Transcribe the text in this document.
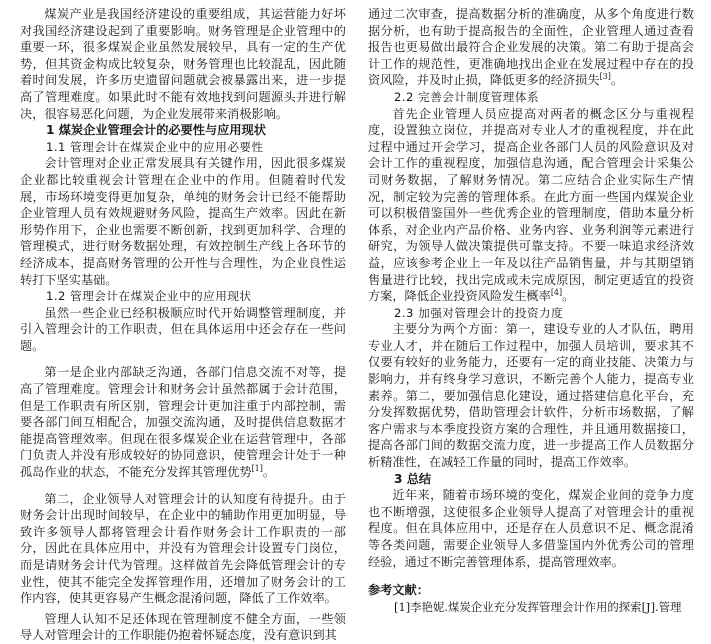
煤炭产业是我国经济建设的重要组成，其运营能力好坏对我国经济建设起到了重要影响。财务管理是企业管理中的重要一环，很多煤炭企业虽然发展较早，具有一定的生产优势，但其资金构成比较复杂，财务管理也比较混乱，因此随着时间发展，许多历史遗留问题就会被暴露出来，进一步提高了管理难度。如果此时不能有效地找到问题源头并进行解决，很容易恶化问题，为企业发展带来消极影响。

1 煤炭企业管理会计的必要性与应用现状
1.1 管理会计在煤炭企业中的应用必要性

会计管理对企业正常发展具有关键作用，因此很多煤炭企业都比较重视会计管理在企业中的作用。但随着时代发展，市场环境变得更加复杂，单纯的财务会计已经不能帮助企业管理人员有效规避财务风险，提高生产效率。因此在新形势作用下，企业也需要不断创新，找到更加科学、合理的管理模式，进行财务数据处理，有效控制生产线上各环节的经济成本，提高财务管理的公开性与合理性，为企业良性运转打下坚实基础。

1.2 管理会计在煤炭企业中的应用现状

虽然一些企业已经积极顺应时代开始调整管理制度，并引入管理会计的工作职责，但在具体运用中还会存在一些问题。

第一是企业内部缺乏沟通，各部门信息交流不对等，提高了管理难度。管理会计和财务会计虽然都属于会计范围，但是工作职责有所区别，管理会计更加注重于内部控制，需要各部门间互相配合，加强交流沟通，及时提供信息数据才能提高管理效率。但现在很多煤炭企业在运营管理中，各部门负责人并没有形成较好的协同意识，使管理会计处于一种孤岛作业的状态，不能充分发挥其管理优势[1]。

第二，企业领导人对管理会计的认知度有待提升。由于财务会计出现时间较早，在企业中的辅助作用更加明显，导致许多领导人都将管理会计看作财务会计工作职责的一部分，因此在具体应用中，并没有为管理会计设置专门岗位，而是请财务会计代为管理。这样做首先会降低管理会计的专业性，使其不能完全发挥管理作用，还增加了财务会计的工作内容，使其更容易产生概念混淆问题，降低了工作效率。

管理人认知不足还体现在管理制度不健全方面，一些领导人对管理会计的工作职能仍抱着怀疑态度，没有意识到其

通过二次审查，提高数据分析的准确度，从多个角度进行数据分析，也有助于提高报告的全面性，企业管理人通过查看报告也更易做出最符合企业发展的决策。第二有助于提高会计工作的规范性，更准确地找出企业在发展过程中存在的投资风险，并及时止损，降低更多的经济损失[3]。

2.2 完善会计制度管理体系

首先企业管理人员应提高对两者的概念区分与重视程度，设置独立岗位，并提高对专业人才的重视程度，并在此过程中通过开会学习，提高企业各部门人员的风险意识及对会计工作的重视程度，加强信息沟通，配合管理会计采集公司财务数据，了解财务情况。第二应结合企业实际生产情况，制定较为完善的管理体系。在此方面一些国内煤炭企业可以积极借鉴国外一些优秀企业的管理制度，借助本量分析体系，对企业内产品价格、业务内容、业务利润等元素进行研究，为领导人做决策提供可靠支持。不要一味追求经济效益，应该参考企业上一年及以往产品销售量，并与其期望销售量进行比较，找出完成或未完成原因，制定更适宜的投资方案，降低企业投资风险发生概率[4]。

2.3 加强对管理会计的投资力度

主要分为两个方面：第一，建设专业的人才队伍，聘用专业人才，并在随后工作过程中，加强人员培训，要求其不仅要有较好的业务能力，还要有一定的商业技能、决策力与影响力，并有终身学习意识，不断完善个人能力，提高专业素养。第二，要加强信息化建设，通过搭建信息化平台，充分发挥数据优势，借助管理会计软件，分析市场数据，了解客户需求与本季度投资方案的合理性，并且通用数据接口，提高各部门间的数据交流力度，进一步提高工作人员数据分析精准性，在减轻工作量的同时，提高工作效率。

3 总结

近年来，随着市场环境的变化，煤炭企业间的竞争力度也不断增强，这使很多企业领导人提高了对管理会计的重视程度。但在具体应用中，还是存在人员意识不足、概念混淆等各类问题，需要企业领导人多借鉴国内外优秀公司的管理经验，通过不断完善管理体系，提高管理效率。

参考文献：
[1]李艳妮.煤炭企业充分发挥管理会计作用的探索[J].管理
